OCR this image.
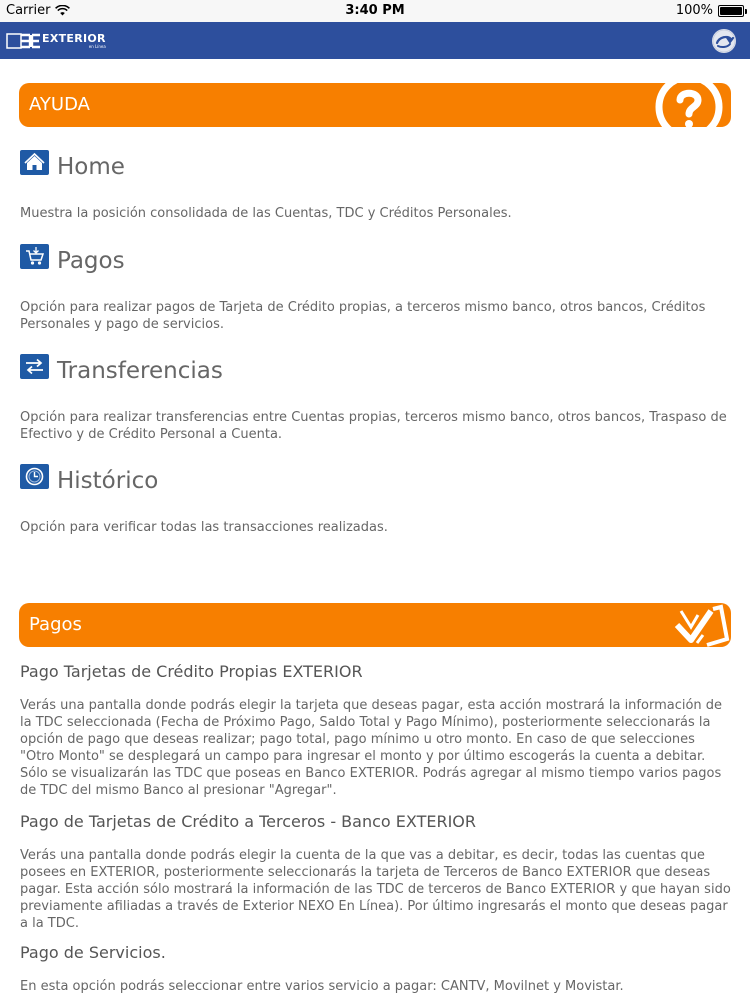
Carrier	3:40 PM	100%
EXTERIOR
en Línea
AYUDA
Home
Muestra la posición consolidada de las Cuentas, TDC y Créditos Personales.
Pagos
Opción para realizar pagos de Tarjeta de Crédito propias, a terceros mismo banco, otros bancos, Créditos Personales y pago de servicios.
Transferencias
Opción para realizar transferencias entre Cuentas propias, terceros mismo banco, otros bancos, Traspaso de Efectivo y de Crédito Personal a Cuenta.
Histórico
Opción para verificar todas las transacciones realizadas.
Pagos
Pago Tarjetas de Crédito Propias EXTERIOR
Verás una pantalla donde podrás elegir la tarjeta que deseas pagar, esta acción mostrará la información de la TDC seleccionada (Fecha de Próximo Pago, Saldo Total y Pago Mínimo), posteriormente seleccionarás la opción de pago que deseas realizar; pago total, pago mínimo u otro monto. En caso de que selecciones "Otro Monto" se desplegará un campo para ingresar el monto y por último escogerás la cuenta a debitar. Sólo se visualizarán las TDC que poseas en Banco EXTERIOR. Podrás agregar al mismo tiempo varios pagos de TDC del mismo Banco al presionar "Agregar".
Pago de Tarjetas de Crédito a Terceros - Banco EXTERIOR
Verás una pantalla donde podrás elegir la cuenta de la que vas a debitar, es decir, todas las cuentas que posees en EXTERIOR, posteriormente seleccionarás la tarjeta de Terceros de Banco EXTERIOR que deseas pagar. Esta acción sólo mostrará la información de las TDC de terceros de Banco EXTERIOR y que hayan sido previamente afiliadas a través de Exterior NEXO En Línea). Por último ingresarás el monto que deseas pagar a la TDC.
Pago de Servicios.
En esta opción podrás seleccionar entre varios servicio a pagar: CANTV, Movilnet y Movistar.
